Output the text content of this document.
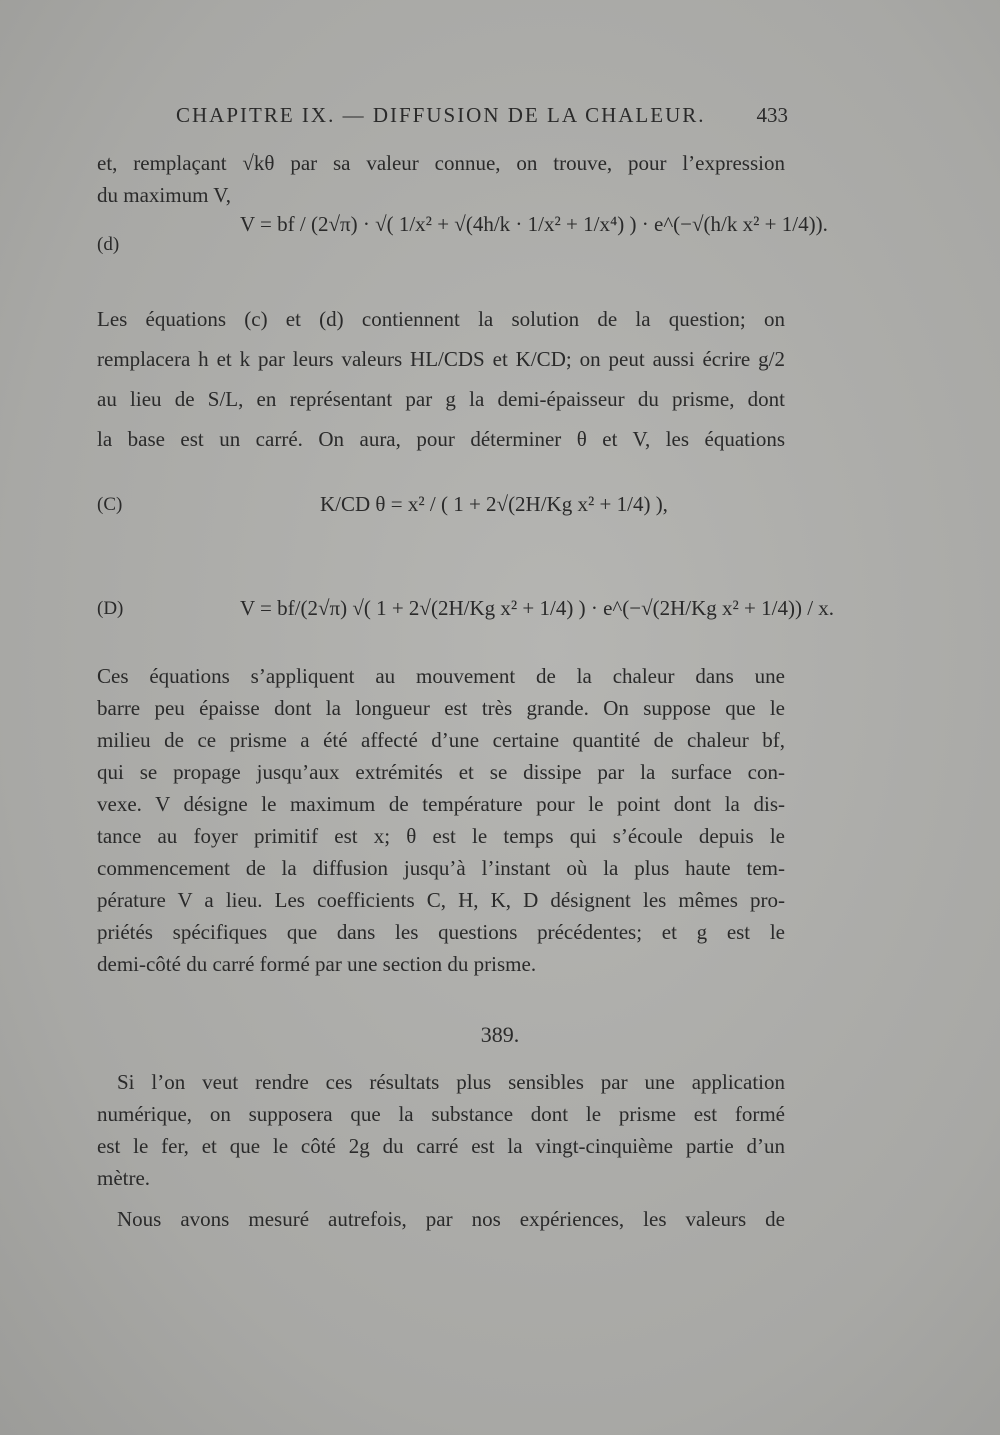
CHAPITRE IX. — DIFFUSION DE LA CHALEUR. 433
et, remplaçant √kθ par sa valeur connue, on trouve, pour l’expression
du maximum V,
(d)
V = bf / (2√π) · √( 1/x² + √(4h/k · 1/x² + 1/x⁴) ) · e^(−√(h/k x² + 1/4)).
Les équations (c) et (d) contiennent la solution de la question; on
remplacera h et k par leurs valeurs HL/CDS et K/CD; on peut aussi écrire g/2
au lieu de S/L, en représentant par g la demi-épaisseur du prisme, dont
la base est un carré. On aura, pour déterminer θ et V, les équations
(C)	K/CD θ = x² / ( 1 + 2√(2H/Kg x² + 1/4) ),
(D)	V = bf/(2√π) √( 1 + 2√(2H/Kg x² + 1/4) ) · e^(−√(2H/Kg x² + 1/4)) / x.
Ces équations s’appliquent au mouvement de la chaleur dans une
barre peu épaisse dont la longueur est très grande. On suppose que le
milieu de ce prisme a été affecté d’une certaine quantité de chaleur bf,
qui se propage jusqu’aux extrémités et se dissipe par la surface con-
vexe. V désigne le maximum de température pour le point dont la dis-
tance au foyer primitif est x; θ est le temps qui s’écoule depuis le
commencement de la diffusion jusqu’à l’instant où la plus haute tem-
pérature V a lieu. Les coefficients C, H, K, D désignent les mêmes pro-
priétés spécifiques que dans les questions précédentes; et g est le
demi-côté du carré formé par une section du prisme.
389.
Si l’on veut rendre ces résultats plus sensibles par une application
numérique, on supposera que la substance dont le prisme est formé
est le fer, et que le côté 2g du carré est la vingt-cinquième partie d’un
mètre.
Nous avons mesuré autrefois, par nos expériences, les valeurs de
